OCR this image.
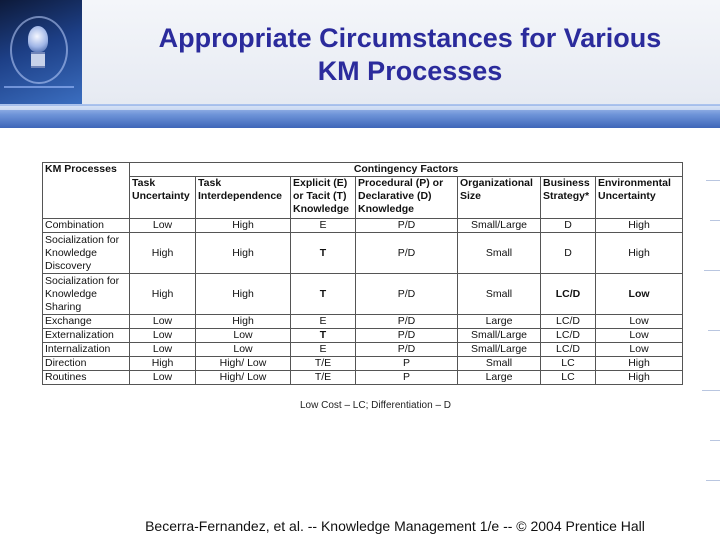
Appropriate Circumstances for Various
KM Processes
KM Processes	Contingency Factors						
	Task Uncertainty	Task Interdependence	Explicit (E) or Tacit (T) Knowledge	Procedural (P) or Declarative (D) Knowledge	Organizational Size	Business Strategy*	Environmental Uncertainty
Combination	Low	High	E	P/D	Small/Large	D	High
Socialization for Knowledge Discovery	High	High	T	P/D	Small	D	High
Socialization for Knowledge Sharing	High	High	T	P/D	Small	LC/D	Low
Exchange	Low	High	E	P/D	Large	LC/D	Low
Externalization	Low	Low	T	P/D	Small/Large	LC/D	Low
Internalization	Low	Low	E	P/D	Small/Large	LC/D	Low
Direction	High	High/ Low	T/E	P	Small	LC	High
Routines	Low	High/ Low	T/E	P	Large	LC	High
Low Cost – LC; Differentiation – D
Becerra-Fernandez, et al. -- Knowledge Management 1/e -- © 2004 Prentice Hall
